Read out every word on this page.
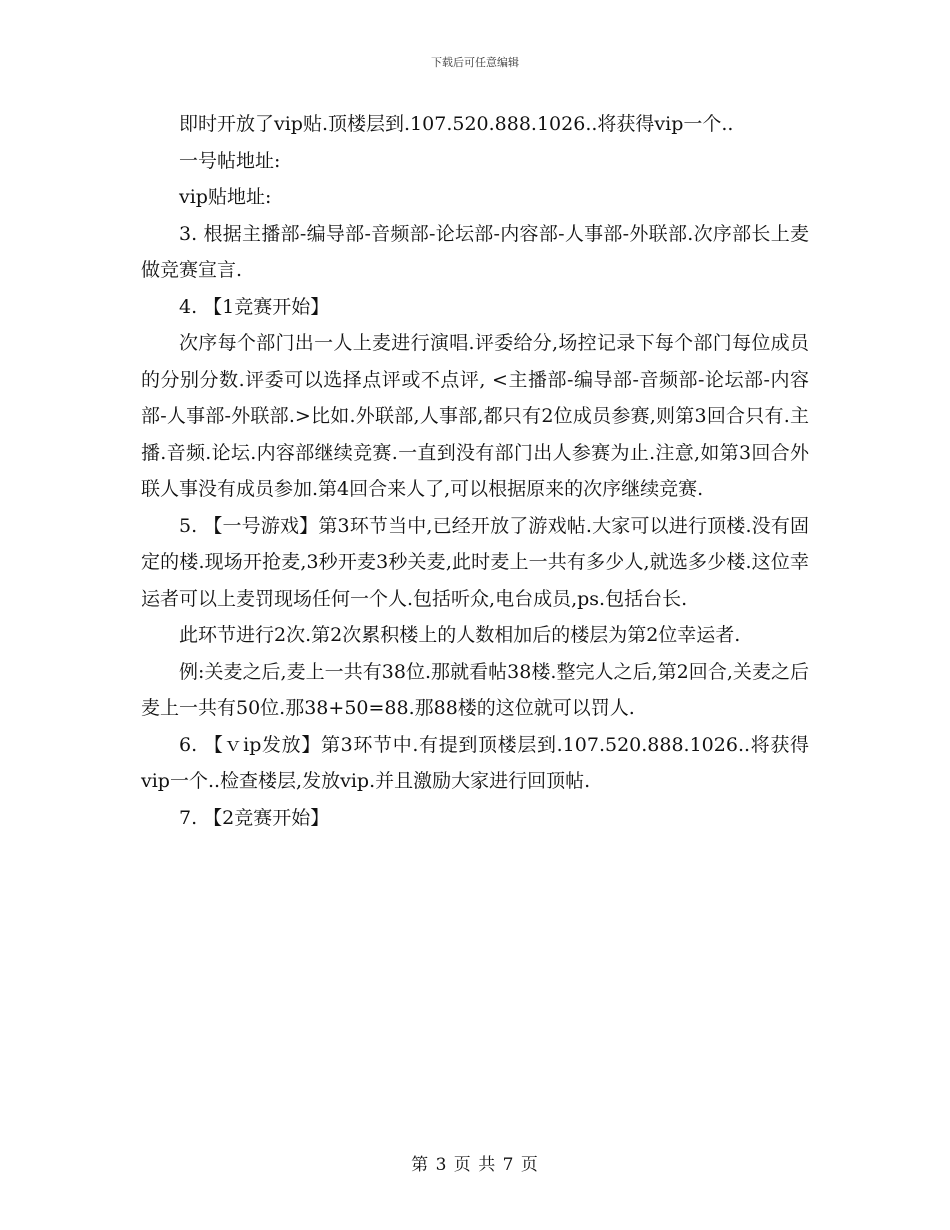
下载后可任意编辑

即时开放了vip贴.顶楼层到.107.520.888.1026..将获得vip一个..

一号帖地址:

vip贴地址:

3. 根据主播部-编导部-音频部-论坛部-内容部-人事部-外联部.次序部长上麦做竞赛宣言.

4. 【1竞赛开始】

次序每个部门出一人上麦进行演唱.评委给分,场控记录下每个部门每位成员的分别分数.评委可以选择点评或不点评, <主播部-编导部-音频部-论坛部-内容部-人事部-外联部.>比如.外联部,人事部,都只有2位成员参赛,则第3回合只有.主播.音频.论坛.内容部继续竞赛.一直到没有部门出人参赛为止.注意,如第3回合外联人事没有成员参加.第4回合来人了,可以根据原来的次序继续竞赛.

5. 【一号游戏】第3环节当中,已经开放了游戏帖.大家可以进行顶楼.没有固定的楼.现场开抢麦,3秒开麦3秒关麦,此时麦上一共有多少人,就选多少楼.这位幸运者可以上麦罚现场任何一个人.包括听众,电台成员,ps.包括台长.

此环节进行2次.第2次累积楼上的人数相加后的楼层为第2位幸运者.

例:关麦之后,麦上一共有38位.那就看帖38楼.整完人之后,第2回合,关麦之后麦上一共有50位.那38+50=88.那88楼的这位就可以罚人.

6. 【ｖip发放】第3环节中.有提到顶楼层到.107.520.888.1026..将获得vip一个..检查楼层,发放vip.并且激励大家进行回顶帖.

7. 【2竞赛开始】

第 3 页 共 7 页
